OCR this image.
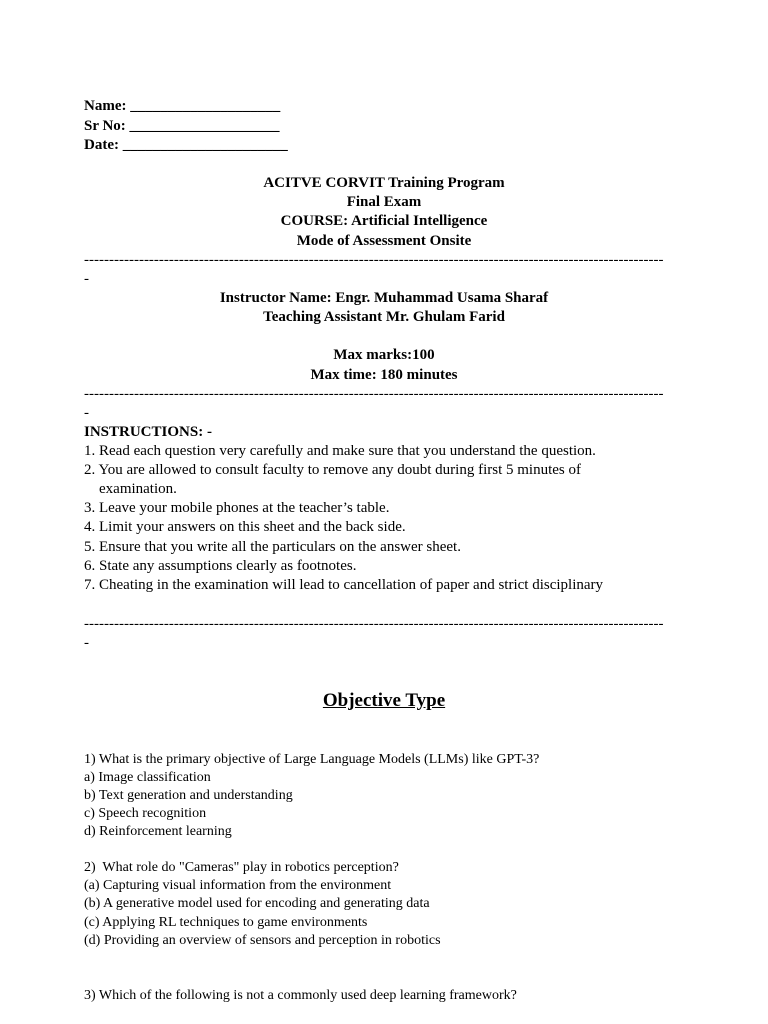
Name: ____________________
Sr No: ____________________
Date: ______________________
ACITVE CORVIT Training Program
Final Exam
COURSE: Artificial Intelligence
Mode of Assessment Onsite
--------------------------------------------------------------------------------------------------------------------
-
Instructor Name: Engr. Muhammad Usama Sharaf
Teaching Assistant Mr. Ghulam Farid
Max marks:100
Max time: 180 minutes
--------------------------------------------------------------------------------------------------------------------
-
INSTRUCTIONS: -
1. Read each question very carefully and make sure that you understand the question.
2. You are allowed to consult faculty to remove any doubt during first 5 minutes of
examination.
3. Leave your mobile phones at the teacher’s table.
4. Limit your answers on this sheet and the back side.
5. Ensure that you write all the particulars on the answer sheet.
6. State any assumptions clearly as footnotes.
7. Cheating in the examination will lead to cancellation of paper and strict disciplinary
--------------------------------------------------------------------------------------------------------------------
-
Objective Type
1) What is the primary objective of Large Language Models (LLMs) like GPT-3?
a) Image classification
b) Text generation and understanding
c) Speech recognition
d) Reinforcement learning
2)  What role do "Cameras" play in robotics perception?
(a) Capturing visual information from the environment
(b) A generative model used for encoding and generating data
(c) Applying RL techniques to game environments
(d) Providing an overview of sensors and perception in robotics
3) Which of the following is not a commonly used deep learning framework?
